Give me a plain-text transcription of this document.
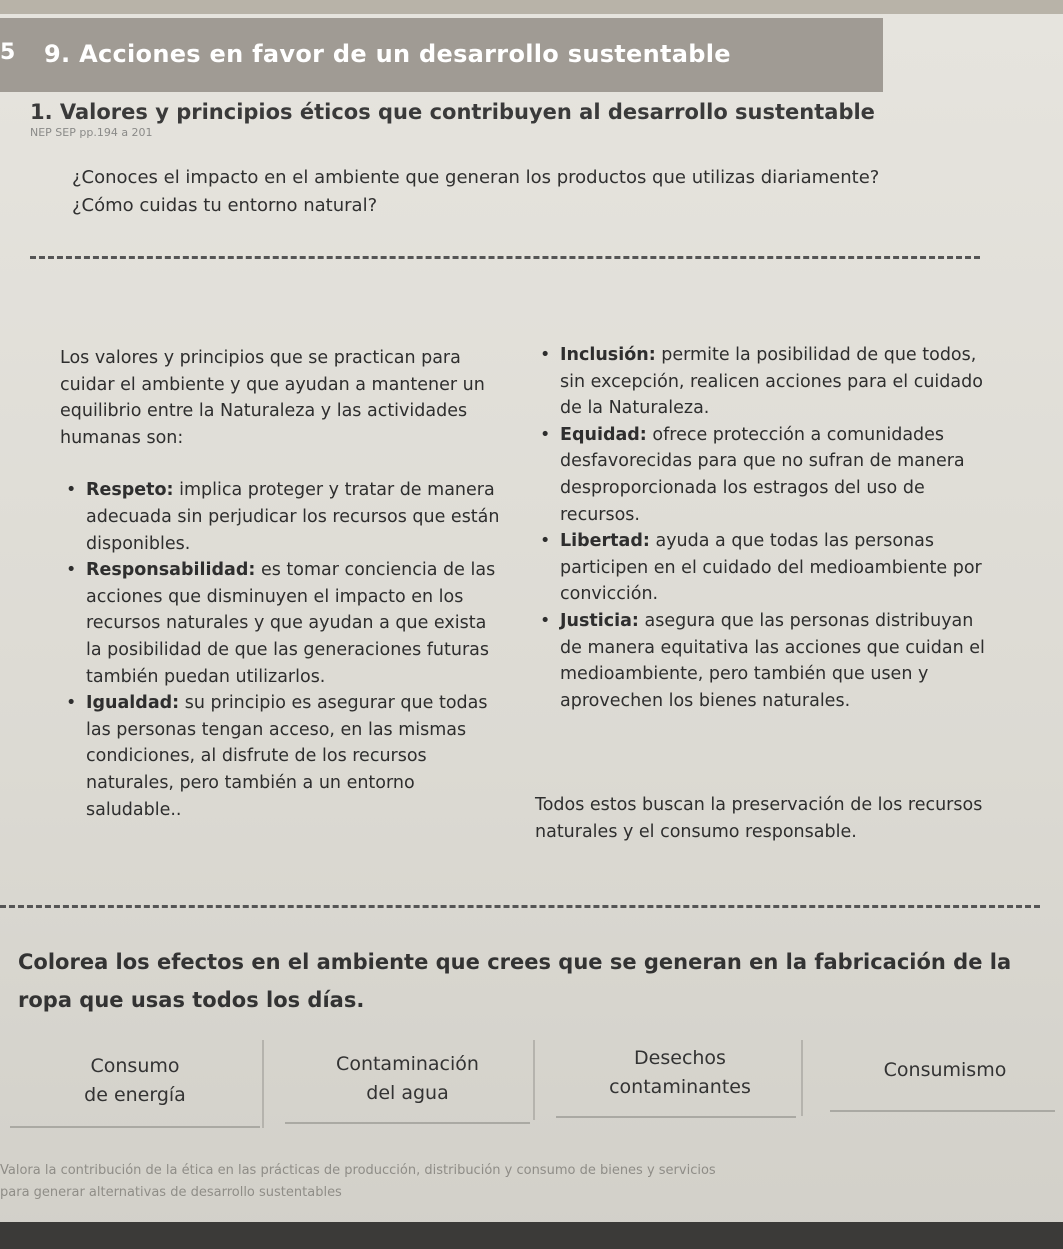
5 9. Acciones en favor de un desarrollo sustentable
1. Valores y principios éticos que contribuyen al desarrollo sustentable
NEP SEP pp.194 a 201
¿Conoces el impacto en el ambiente que generan los productos que utilizas diariamente? ¿Cómo cuidas tu entorno natural?

Los valores y principios que se practican para cuidar el ambiente y que ayudan a mantener un equilibrio entre la Naturaleza y las actividades humanas son:

• Respeto: implica proteger y tratar de manera adecuada sin perjudicar los recursos que están disponibles.

• Responsabilidad: es tomar conciencia de las acciones que disminuyen el impacto en los recursos naturales y que ayudan a que exista la posibilidad de que las generaciones futuras también puedan utilizarlos.

• Igualdad: su principio es asegurar que todas las personas tengan acceso, en las mismas condiciones, al disfrute de los recursos naturales, pero también a un entorno saludable..

• Inclusión: permite la posibilidad de que todos, sin excepción, realicen acciones para el cuidado de la Naturaleza.

• Equidad: ofrece protección a comunidades desfavorecidas para que no sufran de manera desproporcionada los estragos del uso de recursos.

• Libertad: ayuda a que todas las personas participen en el cuidado del medioambiente por convicción.

• Justicia: asegura que las personas distribuyan de manera equitativa las acciones que cuidan el medioambiente, pero también que usen y aprovechen los bienes naturales.

Todos estos buscan la preservación de los recursos naturales y el consumo responsable.
Colorea los efectos en el ambiente que crees que se generan en la fabricación de la ropa que usas todos los días.
Consumo
de energía
Contaminación
del agua
Desechos
contaminantes
Consumismo
Valora la contribución de la ética en las prácticas de producción, distribución y consumo de bienes y servicios
para generar alternativas de desarrollo sustentables
